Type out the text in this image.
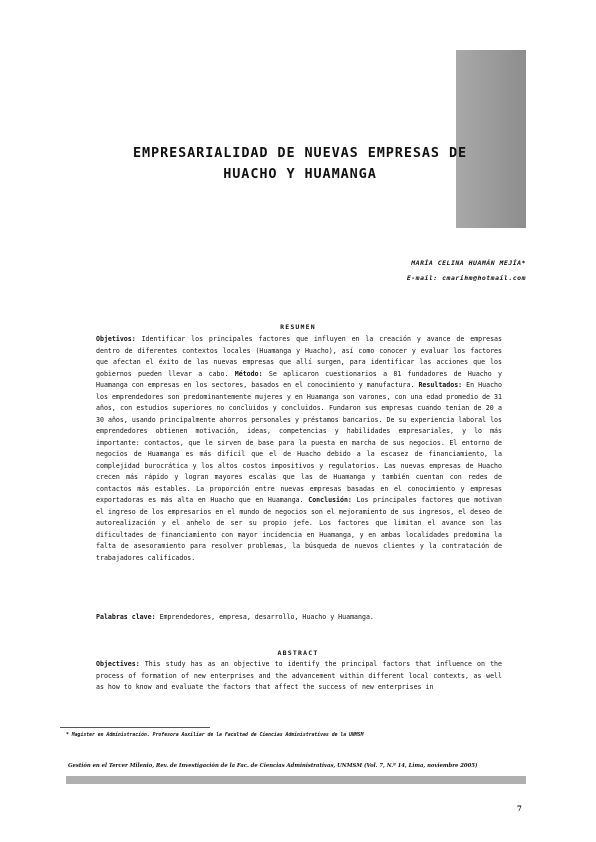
EMPRESARIALIDAD DE NUEVAS EMPRESAS DE
HUACHO Y HUAMANGA
MARÍA CELINA HUAMÁN MEJÍA*
E-mail: cmarihm@hotmail.com
RESUMEN

Objetivos: Identificar los principales factores que influyen en la creación y avance de empresas dentro de diferentes contextos locales (Huamanga y Huacho), así como conocer y evaluar los factores que afectan el éxito de las nuevas empresas que allí surgen, para identificar las acciones que los gobiernos pueden llevar a cabo. Método: Se aplicaron cuestionarios a 81 fundadores de Huacho y Huamanga con empresas en los sectores, basados en el conocimiento y manufactura. Resultados: En Huacho los emprendedores son predominantemente mujeres y en Huamanga son varones, con una edad promedio de 31 años, con estudios superiores no concluidos y concluidos. Fundaron sus empresas cuando tenían de 20 a 30 años, usando principalmente ahorros personales y préstamos bancarios. De su experiencia laboral los emprendedores obtienen motivación, ideas, competencias y habilidades empresariales, y lo más importante: contactos, que le sirven de base para la puesta en marcha de sus negocios. El entorno de negocios de Huamanga es más difícil que el de Huacho debido a la escasez de financiamiento, la complejidad burocrática y los altos costos impositivos y regulatorios. Las nuevas empresas de Huacho crecen más rápido y logran mayores escalas que las de Huamanga y también cuentan con redes de contactos más estables. La proporción entre nuevas empresas basadas en el conocimiento y empresas exportadoras es más alta en Huacho que en Huamanga. Conclusión: Los principales factores que motivan el ingreso de los empresarios en el mundo de negocios son el mejoramiento de sus ingresos, el deseo de autorealización y el anhelo de ser su propio jefe. Los factores que limitan el avance son las dificultades de financiamiento con mayor incidencia en Huamanga, y en ambas localidades predomina la falta de asesoramiento para resolver problemas, la búsqueda de nuevos clientes y la contratación de trabajadores calificados.

Palabras clave: Emprendedores, empresa, desarrollo, Huacho y Huamanga.

ABSTRACT

Objectives: This study has as an objective to identify the principal factors that influence on the process of formation of new enterprises and the advancement within different local contexts, as well as how to know and evaluate the factors that affect the success of new enterprises in

* Magíster en Administración. Profesora Auxiliar de la Facultad de Ciencias Administrativas de la UNMSM
Gestión en el Tercer Milenio, Rev. de Investigación de la Fac. de Ciencias Administrativas, UNMSM (Vol. 7, N.º 14, Lima, noviembre 2005)
7
